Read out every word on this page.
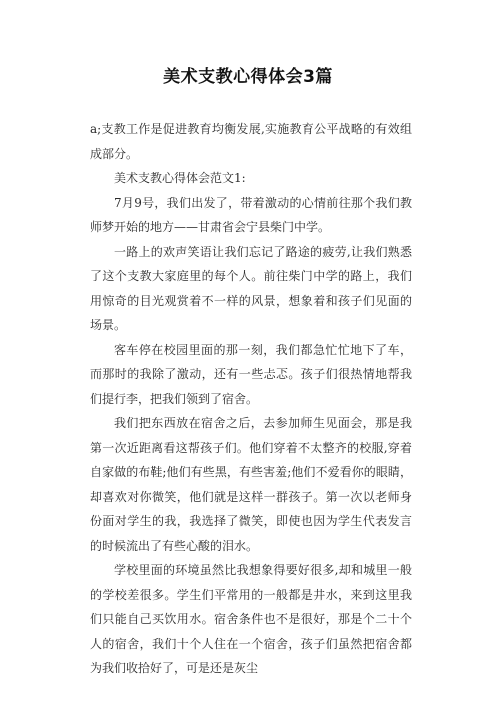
美术支教心得体会3篇

a;支教工作是促进教育均衡发展,实施教育公平战略的有效组成部分。

美术支教心得体会范文1:

7月9号，我们出发了，带着激动的心情前往那个我们教师梦开始的地方——甘肃省会宁县柴门中学。

一路上的欢声笑语让我们忘记了路途的疲劳,让我们熟悉了这个支教大家庭里的每个人。前往柴门中学的路上，我们用惊奇的目光观赏着不一样的风景，想象着和孩子们见面的场景。

客车停在校园里面的那一刻，我们都急忙忙地下了车，而那时的我除了激动，还有一些忐忑。孩子们很热情地帮我们提行李，把我们领到了宿舍。

我们把东西放在宿舍之后，去参加师生见面会，那是我第一次近距离看这帮孩子们。他们穿着不太整齐的校服,穿着自家做的布鞋;他们有些黑，有些害羞;他们不爱看你的眼睛，却喜欢对你微笑，他们就是这样一群孩子。第一次以老师身份面对学生的我，我选择了微笑，即使也因为学生代表发言的时候流出了有些心酸的泪水。

学校里面的环境虽然比我想象得要好很多,却和城里一般的学校差很多。学生们平常用的一般都是井水，来到这里我们只能自己买饮用水。宿舍条件也不是很好，那是个二十个人的宿舍，我们十个人住在一个宿舍，孩子们虽然把宿舍都为我们收拾好了，可是还是灰尘
